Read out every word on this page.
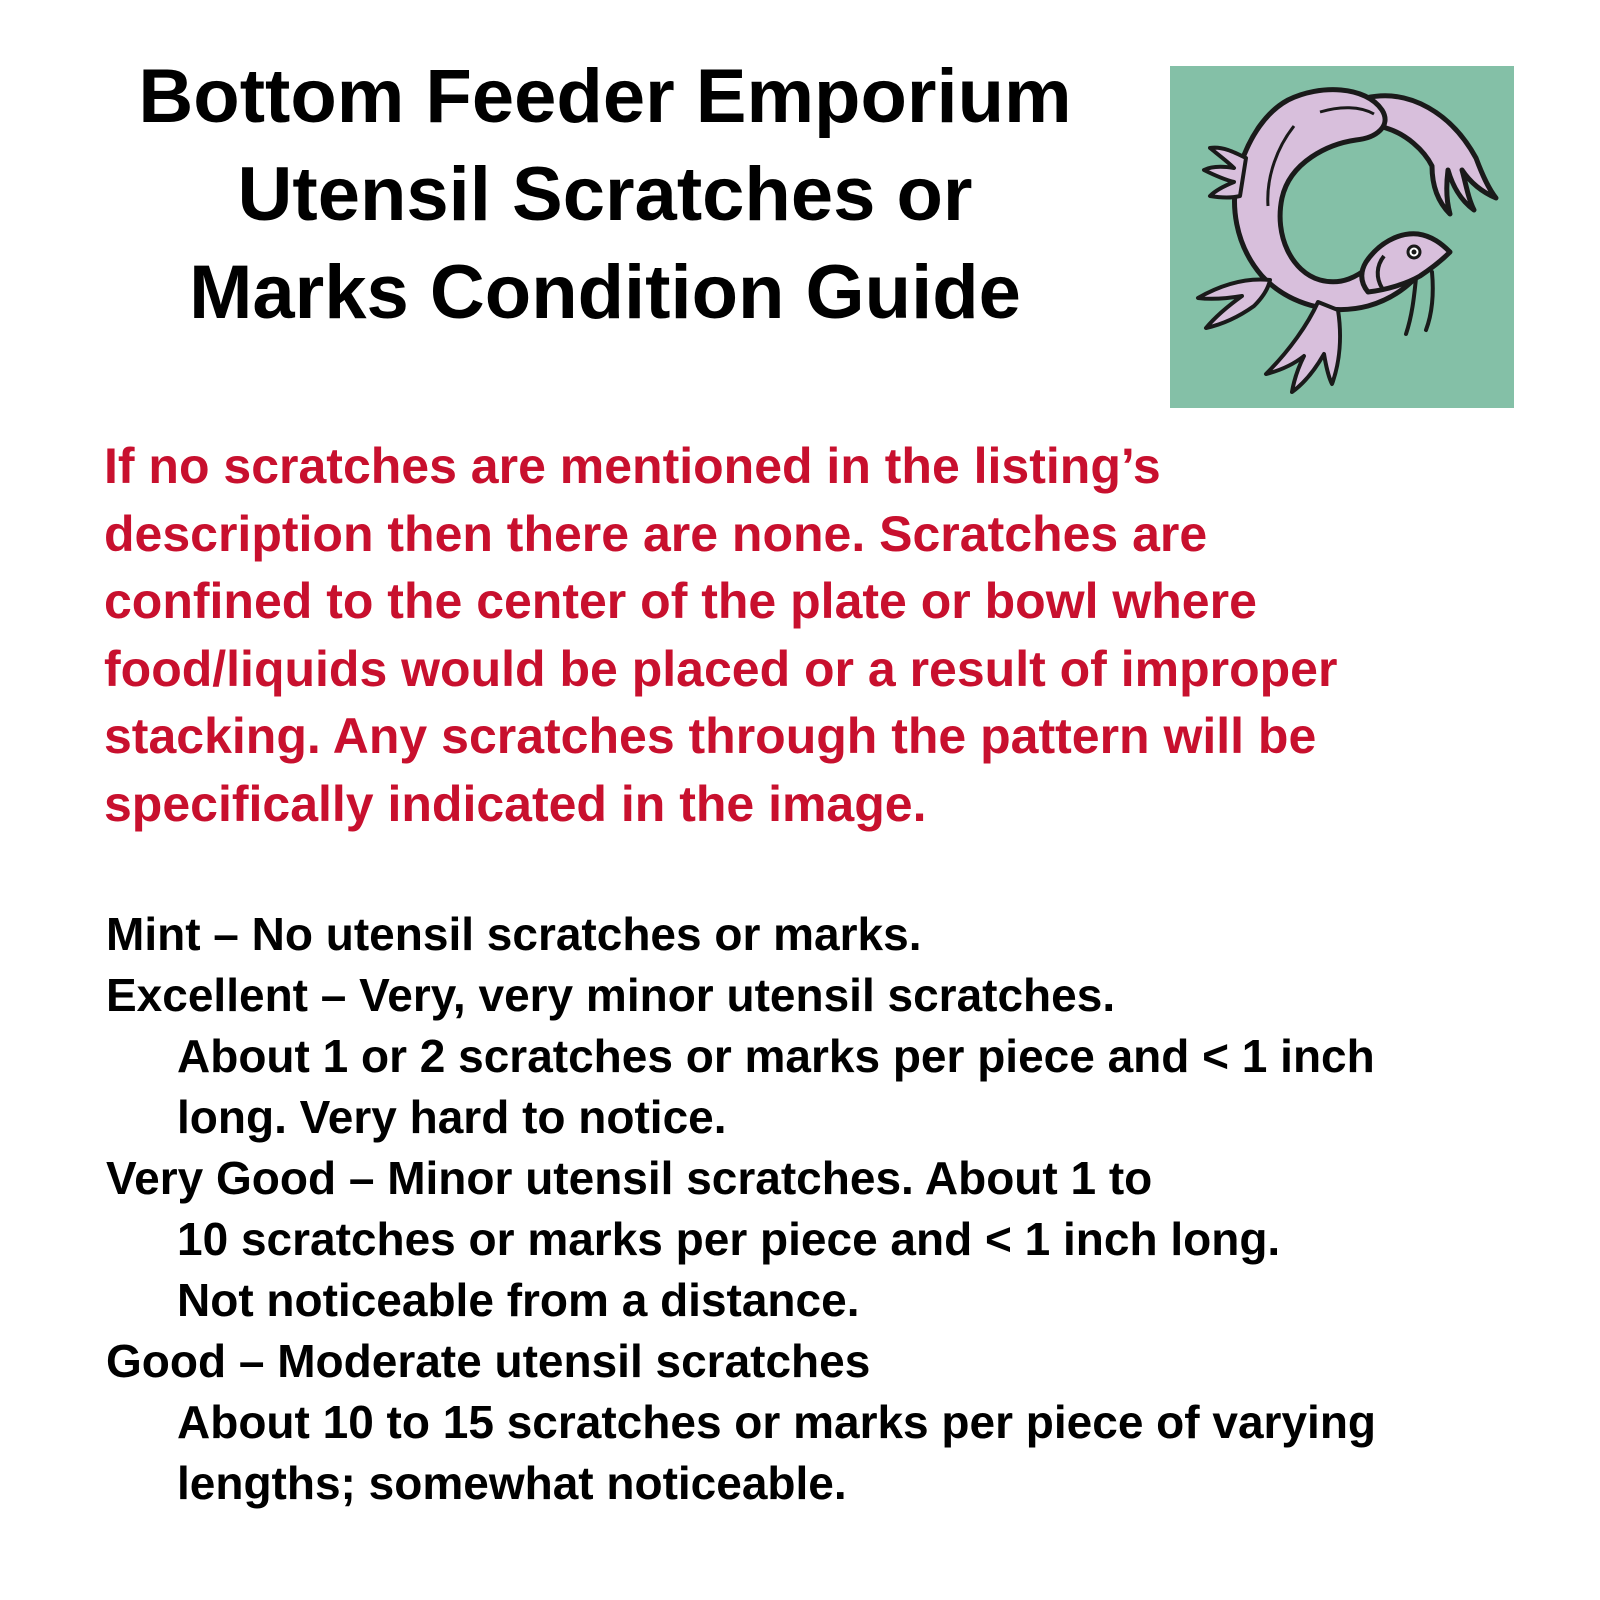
Bottom Feeder Emporium
Utensil Scratches or
Marks Condition Guide
If no scratches are mentioned in the listing’s
description then there are none. Scratches are
confined to the center of the plate or bowl where
food/liquids would be placed or a result of improper
stacking. Any scratches through the pattern will be
specifically indicated in the image.
Mint – No utensil scratches or marks.
Excellent – Very, very minor utensil scratches.
About 1 or 2 scratches or marks per piece and < 1 inch
long. Very hard to notice.
Very Good – Minor utensil scratches. About 1 to
10 scratches or marks per piece and < 1 inch long.
Not noticeable from a distance.
Good – Moderate utensil scratches
About 10 to 15 scratches or marks per piece of varying
lengths; somewhat noticeable.
